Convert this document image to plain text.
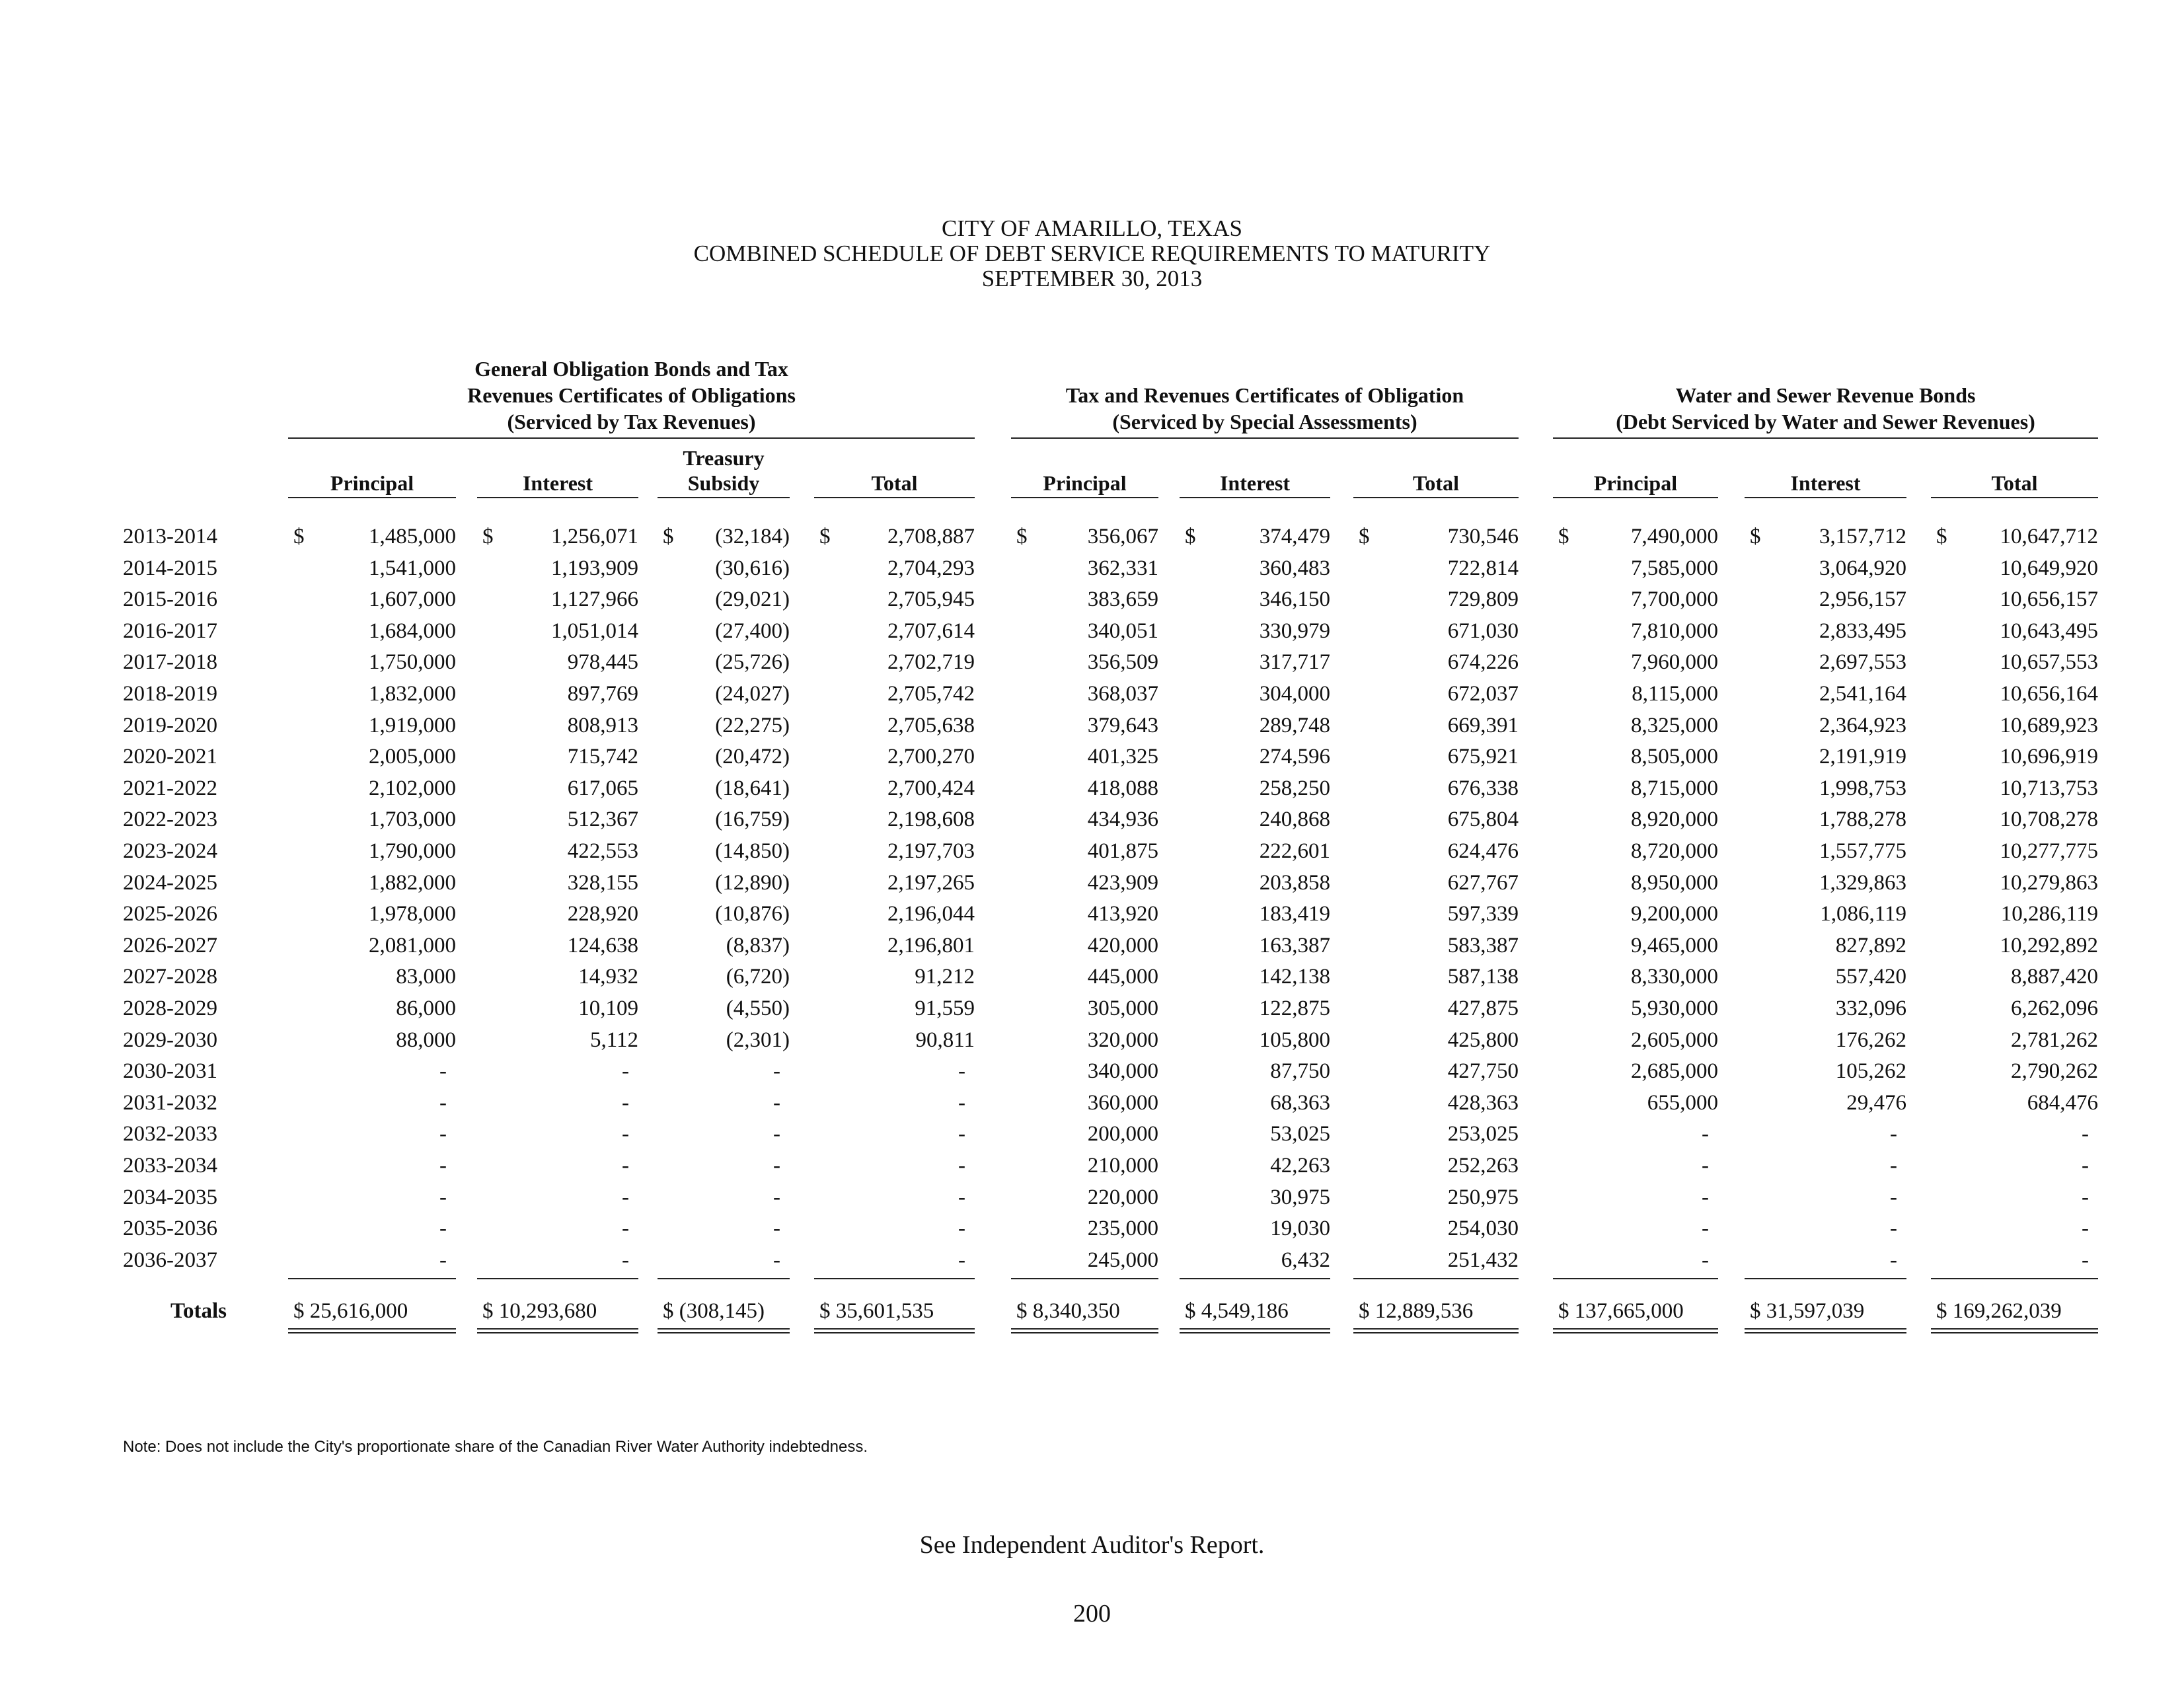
CITY OF AMARILLO, TEXAS
COMBINED SCHEDULE OF DEBT SERVICE REQUIREMENTS TO MATURITY
SEPTEMBER 30, 2013
General Obligation Bonds and Tax
Revenues Certificates of Obligations
(Serviced by Tax Revenues)
Tax and Revenues Certificates of Obligation
(Serviced by Special Assessments)
Water and Sewer Revenue Bonds
(Debt Serviced by Water and Sewer Revenues)
Principal	Interest
Treasury
Subsidy	Total	Principal	Interest	Total	Principal	Interest	Total
2013-2014	$	1,485,000 $	1,256,071 $	(32,184) $	2,708,887 $	356,067 $	374,479 $	730,546 $	7,490,000 $	3,157,712 $	10,647,712
2014-2015	1,541,000	1,193,909	(30,616)	2,704,293	362,331	360,483	722,814	7,585,000	3,064,920	10,649,920
2015-2016	1,607,000	1,127,966	(29,021)	2,705,945	383,659	346,150	729,809	7,700,000	2,956,157	10,656,157
2016-2017	1,684,000	1,051,014	(27,400)	2,707,614	340,051	330,979	671,030	7,810,000	2,833,495	10,643,495
2017-2018	1,750,000	978,445	(25,726)	2,702,719	356,509	317,717	674,226	7,960,000	2,697,553	10,657,553
2018-2019	1,832,000	897,769	(24,027)	2,705,742	368,037	304,000	672,037	8,115,000	2,541,164	10,656,164
2019-2020	1,919,000	808,913	(22,275)	2,705,638	379,643	289,748	669,391	8,325,000	2,364,923	10,689,923
2020-2021	2,005,000	715,742	(20,472)	2,700,270	401,325	274,596	675,921	8,505,000	2,191,919	10,696,919
2021-2022	2,102,000	617,065	(18,641)	2,700,424	418,088	258,250	676,338	8,715,000	1,998,753	10,713,753
2022-2023	1,703,000	512,367	(16,759)	2,198,608	434,936	240,868	675,804	8,920,000	1,788,278	10,708,278
2023-2024	1,790,000	422,553	(14,850)	2,197,703	401,875	222,601	624,476	8,720,000	1,557,775	10,277,775
2024-2025	1,882,000	328,155	(12,890)	2,197,265	423,909	203,858	627,767	8,950,000	1,329,863	10,279,863
2025-2026	1,978,000	228,920	(10,876)	2,196,044	413,920	183,419	597,339	9,200,000	1,086,119	10,286,119
2026-2027	2,081,000	124,638	(8,837)	2,196,801	420,000	163,387	583,387	9,465,000	827,892	10,292,892
2027-2028	83,000	14,932	(6,720)	91,212	445,000	142,138	587,138	8,330,000	557,420	8,887,420
2028-2029	86,000	10,109	(4,550)	91,559	305,000	122,875	427,875	5,930,000	332,096	6,262,096
2029-2030	88,000	5,112	(2,301)	90,811	320,000	105,800	425,800	2,605,000	176,262	2,781,262
2030-2031	-	-	-	-	340,000	87,750	427,750	2,685,000	105,262	2,790,262
2031-2032	-	-	-	-	360,000	68,363	428,363	655,000	29,476	684,476
2032-2033	-	-	-	-	200,000	53,025	253,025	-	-	-
2033-2034	-	-	-	-	210,000	42,263	252,263	-	-	-
2034-2035	-	-	-	-	220,000	30,975	250,975	-	-	-
2035-2036	-	-	-	-	235,000	19,030	254,030	-	-	-
2036-2037	-	-	-	-	245,000	6,432	251,432	-	-	-
Totals	$ 25,616,000	$ 10,293,680	$ (308,145)	$ 35,601,535	$ 8,340,350	$ 4,549,186	$ 12,889,536	$ 137,665,000	$ 31,597,039	$ 169,262,039
Note: Does not include the City's proportionate share of the Canadian River Water Authority indebtedness.
See Independent Auditor's Report.
200
